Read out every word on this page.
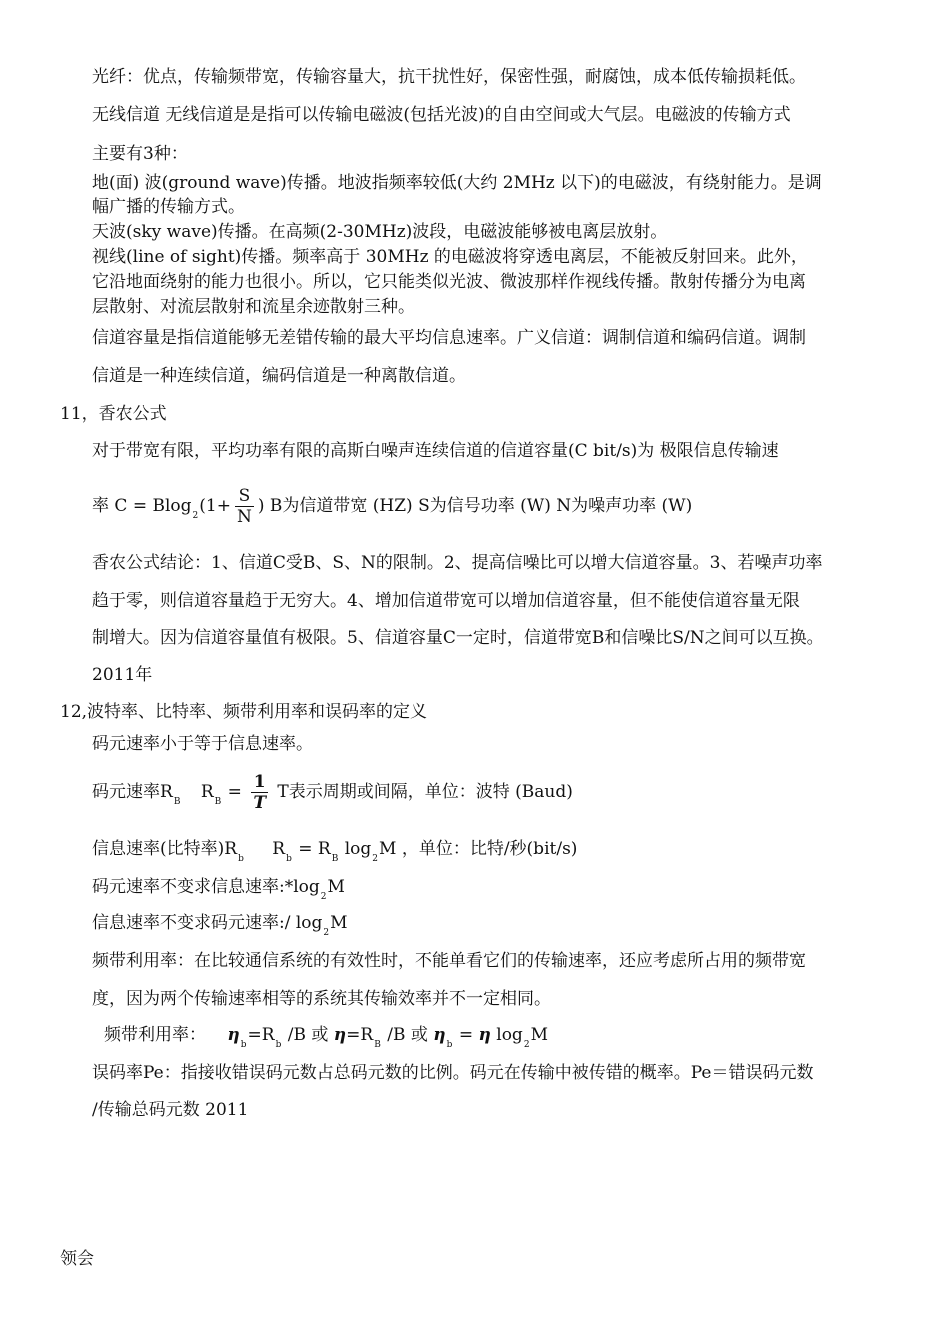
光纤：优点，传输频带宽，传输容量大，抗干扰性好，保密性强，耐腐蚀，成本低传输损耗低。
无线信道 无线信道是是指可以传输电磁波(包括光波)的自由空间或大气层。电磁波的传输方式
主要有3种：
地(面) 波(ground wave)传播。地波指频率较低(大约 2MHz 以下)的电磁波，有绕射能力。是调
幅广播的传输方式。
天波(sky wave)传播。在高频(2-30MHz)波段，电磁波能够被电离层放射。
视线(line of sight)传播。频率高于 30MHz 的电磁波将穿透电离层，不能被反射回来。此外，
它沿地面绕射的能力也很小。所以，它只能类似光波、微波那样作视线传播。散射传播分为电离
层散射、对流层散射和流星余迹散射三种。
信道容量是指信道能够无差错传输的最大平均信息速率。广义信道：调制信道和编码信道。调制
信道是一种连续信道，编码信道是一种离散信道。
11，香农公式
对于带宽有限，平均功率有限的高斯白噪声连续信道的信道容量(C bit/s)为 极限信息传输速
率 $C = Blog_2(1+ \frac{S}{N}$ ) B为信道带宽 (HZ) S为信号功率 (W) N为噪声功率 (W)
香农公式结论：1、信道C受B、S、N的限制。2、提高信噪比可以增大信道容量。3、若噪声功率
趋于零，则信道容量趋于无穷大。4、增加信道带宽可以增加信道容量，但不能使信道容量无限
制增大。因为信道容量值有极限。5、信道容量C一定时，信道带宽B和信噪比S/N之间可以互换。
2011年
12,波特率、比特率、频带利用率和误码率的定义
码元速率小于等于信息速率。
码元速率$R_B$ $R_B = \frac{1}{T}$ T表示周期或间隔，单位：波特 (Baud)
信息速率(比特率)$R_b$ $R_b = R_B$ $\log_2M$ ，单位：比特/秒(bit/s)
码元速率不变求信息速率$:*\log_2M$
信息速率不变求码元速率:/ $\log_2M$
频带利用率：在比较通信系统的有效性时，不能单看它们的传输速率，还应考虑所占用的频带宽
度，因为两个传输速率相等的系统其传输效率并不一定相同。
频带利用率： $\eta_b=R_b$ /B 或 $\eta=R_B$ /B 或 $\eta_b = \eta$ $\log_2M$
误码率Pe：指接收错误码元数占总码元数的比例。码元在传输中被传错的概率。Pe＝错误码元数
/传输总码元数 2011
领会
